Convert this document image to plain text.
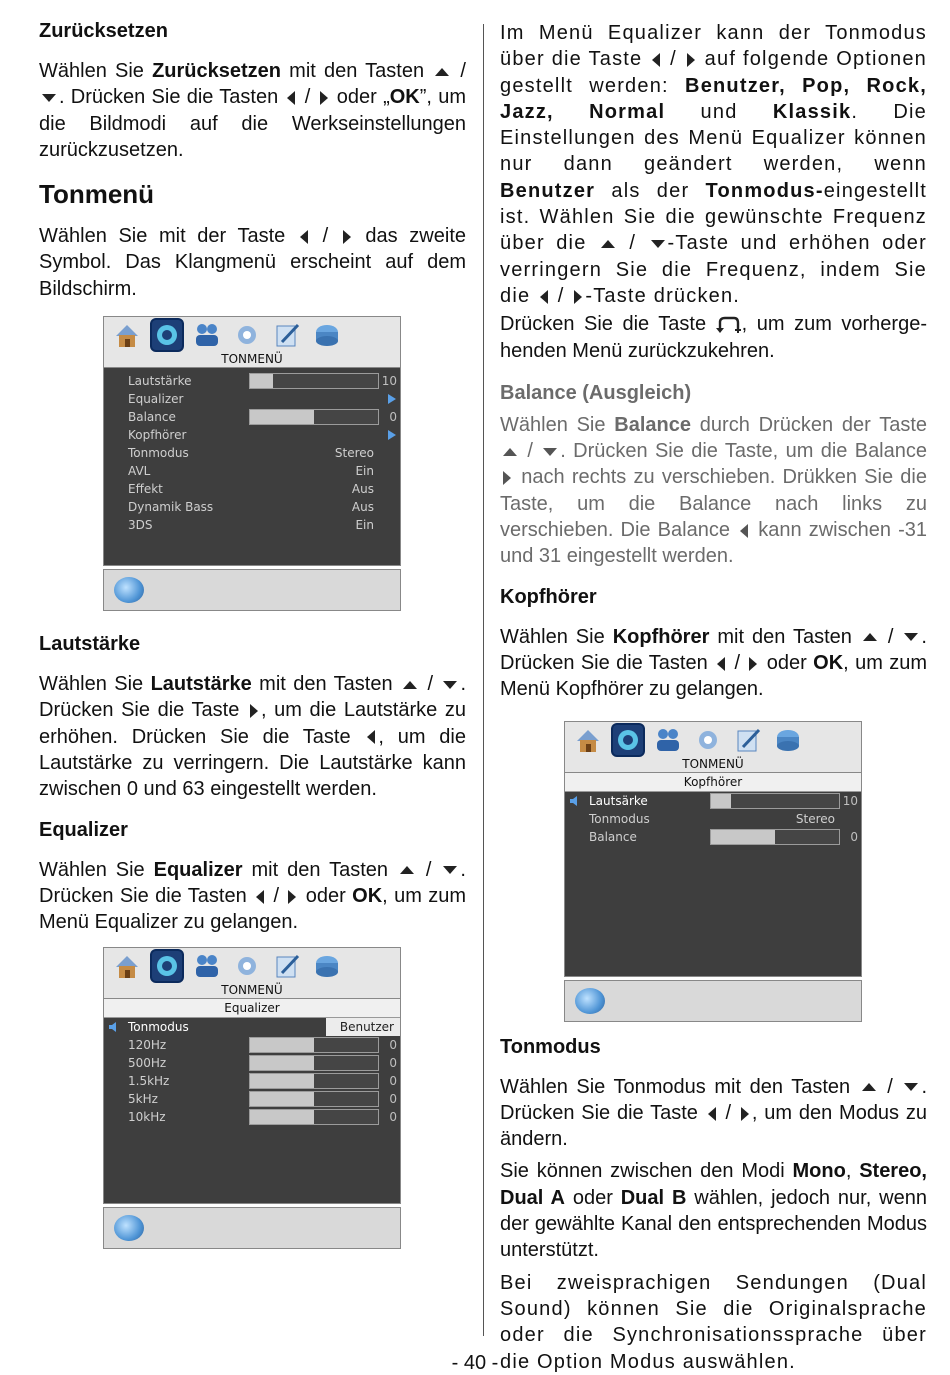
Zurücksetzen

Wählen Sie Zurücksetzen mit den Tasten  / . Drücken Sie die Tasten  /  oder „OK”, um die Bildmodi auf die Werkseinstellungen zurückzusetzen.

Tonmenü

Wählen Sie mit der Taste  /  das zweite Symbol. Das Klangmenü erscheint auf dem Bildschirm.

TONMENÜ
Lautstärke	10
Equalizer
Balance	0
Kopfhörer
Tonmodus	Stereo
AVL	Ein
Effekt	Aus
Dynamik Bass	Aus
3DS	Ein
Lautstärke

Wählen Sie Lautstärke mit den Tasten  / . Drücken Sie die Taste , um die Lautstärke zu erhöhen. Drücken Sie die Taste , um die Lautstärke zu verringern. Die Lautstärke kann zwischen 0 und 63 eingestellt werden.

Equalizer

Wählen Sie Equalizer mit den Tasten  / . Drücken Sie die Tasten  /  oder OK, um zum Menü Equalizer zu gelangen.

TONMENÜ
Equalizer
Tonmodus	Benutzer
120Hz	0
500Hz	0
1.5kHz	0
5kHz	0
10kHz	0

Im Menü Equalizer kann der Tonmodus über die Taste  /  auf folgende Optionen gestellt werden: Benutzer, Pop, Rock, Jazz, Normal und Klassik. Die Einstellungen des Menü Equalizer können nur dann geändert werden, wenn Benutzer als der Tonmodus-eingestellt ist. Wählen Sie die gewünschte Frequenz über die  / -Taste und erhöhen oder verringern Sie die Frequenz, indem Sie die  / -Taste drücken.

Drücken Sie die Taste , um zum vorhergehenden Menü zurückzukehren.

Balance (Ausgleich)

Wählen Sie Balance durch Drücken der Taste  / . Drücken Sie die Taste, um die Balance  nach rechts zu verschieben. Drükken Sie die Taste, um die Balance nach links zu verschieben. Die Balance  kann zwischen -31 und 31 eingestellt werden.

Kopfhörer

Wählen Sie Kopfhörer mit den Tasten  / . Drücken Sie die Tasten  /  oder OK, um zum Menü Kopfhörer zu gelangen.

TONMENÜ
Kopfhörer
Lautsärke	10
Tonmodus	Stereo
Balance	0
Tonmodus

Wählen Sie Tonmodus mit den Tasten  / . Drücken Sie die Taste  / , um den Modus zu ändern.

Sie können zwischen den Modi Mono, Stereo, Dual A oder Dual B wählen, jedoch nur, wenn der gewählte Kanal den entsprechenden Modus unterstützt.

Bei zweisprachigen Sendungen (Dual Sound) können Sie die Originalsprache oder die Synchronisationssprache über die Option Modus auswählen.

- 40 -
